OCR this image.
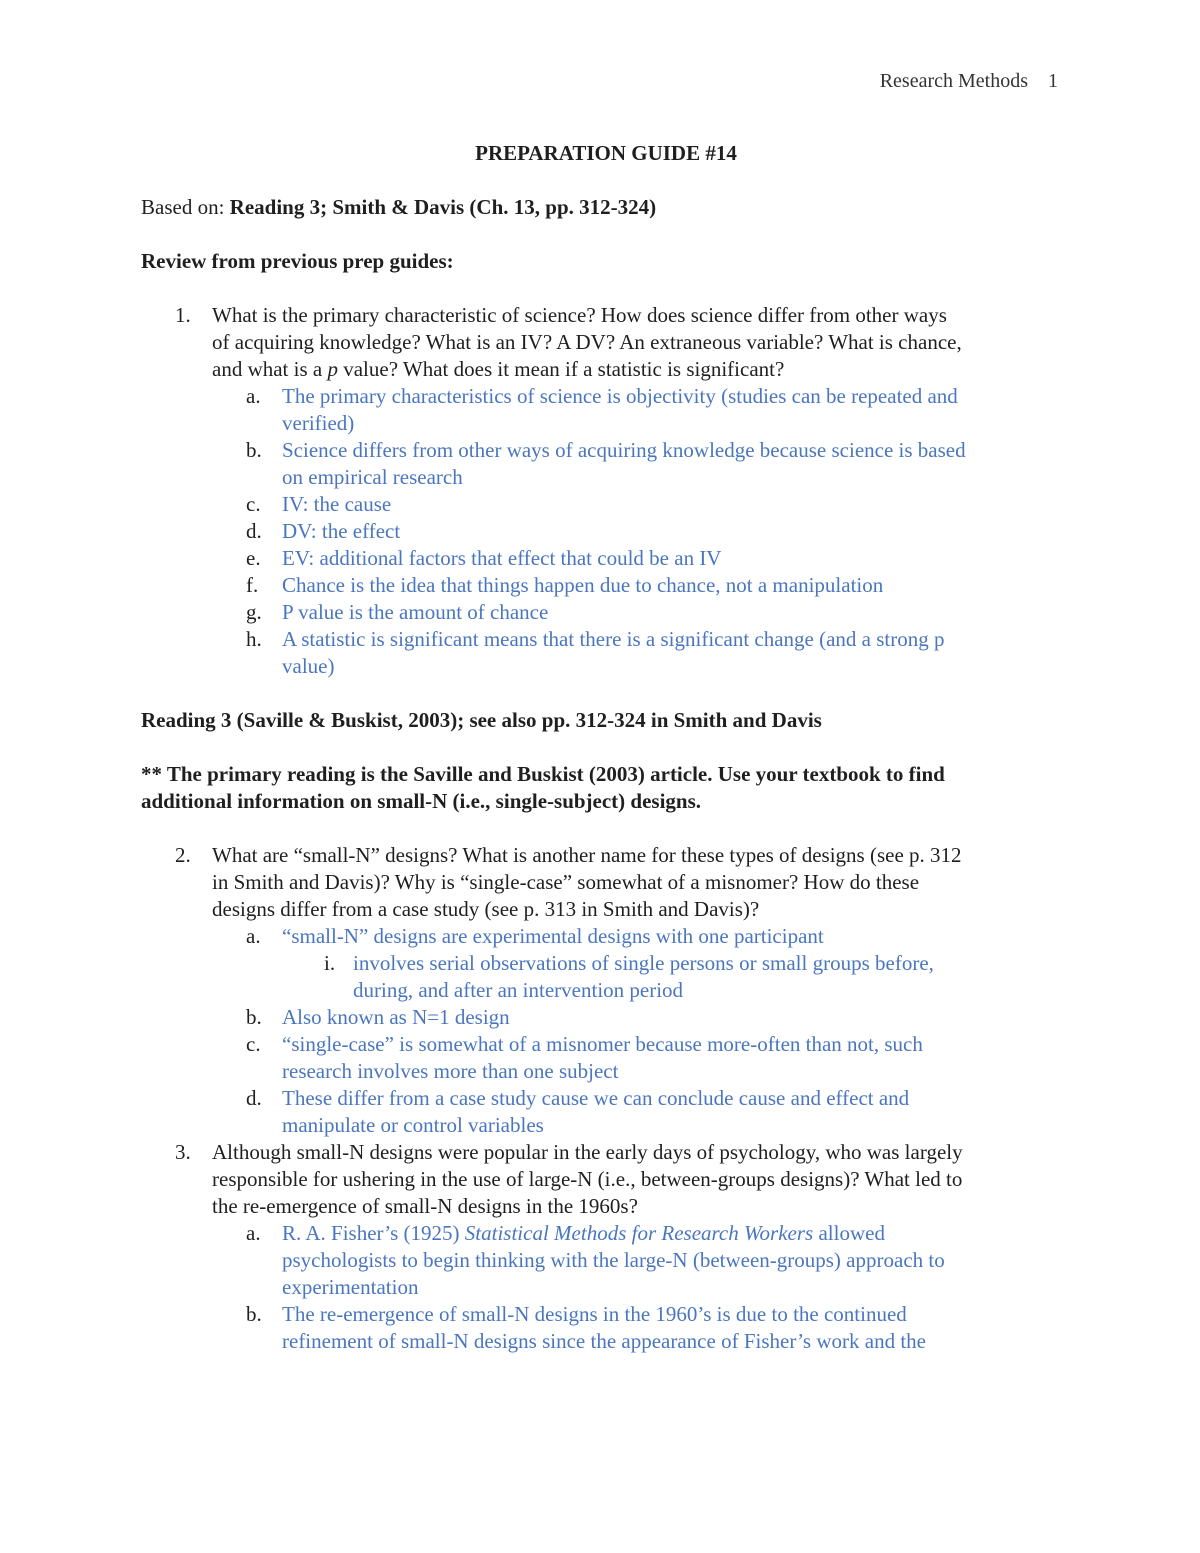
Research Methods 1
PREPARATION GUIDE #14
Based on: Reading 3; Smith & Davis (Ch. 13, pp. 312-324)
Review from previous prep guides:
1. What is the primary characteristic of science? How does science differ from other ways
of acquiring knowledge? What is an IV? A DV? An extraneous variable? What is chance,
and what is a p value? What does it mean if a statistic is significant?
a. The primary characteristics of science is objectivity (studies can be repeated and
verified)
b. Science differs from other ways of acquiring knowledge because science is based
on empirical research
c. IV: the cause
d. DV: the effect
e. EV: additional factors that effect that could be an IV
f. Chance is the idea that things happen due to chance, not a manipulation
g. P value is the amount of chance
h. A statistic is significant means that there is a significant change (and a strong p
value)
Reading 3 (Saville & Buskist, 2003); see also pp. 312-324 in Smith and Davis
** The primary reading is the Saville and Buskist (2003) article. Use your textbook to find
additional information on small-N (i.e., single-subject) designs.
2. What are “small-N” designs? What is another name for these types of designs (see p. 312
in Smith and Davis)? Why is “single-case” somewhat of a misnomer? How do these
designs differ from a case study (see p. 313 in Smith and Davis)?
a. “small-N” designs are experimental designs with one participant
i. involves serial observations of single persons or small groups before,
during, and after an intervention period
b. Also known as N=1 design
c. “single-case” is somewhat of a misnomer because more-often than not, such
research involves more than one subject
d. These differ from a case study cause we can conclude cause and effect and
manipulate or control variables
3. Although small-N designs were popular in the early days of psychology, who was largely
responsible for ushering in the use of large-N (i.e., between-groups designs)? What led to
the re-emergence of small-N designs in the 1960s?
a. R. A. Fisher’s (1925) Statistical Methods for Research Workers allowed
psychologists to begin thinking with the large-N (between-groups) approach to
experimentation
b. The re-emergence of small-N designs in the 1960’s is due to the continued
refinement of small-N designs since the appearance of Fisher’s work and the
